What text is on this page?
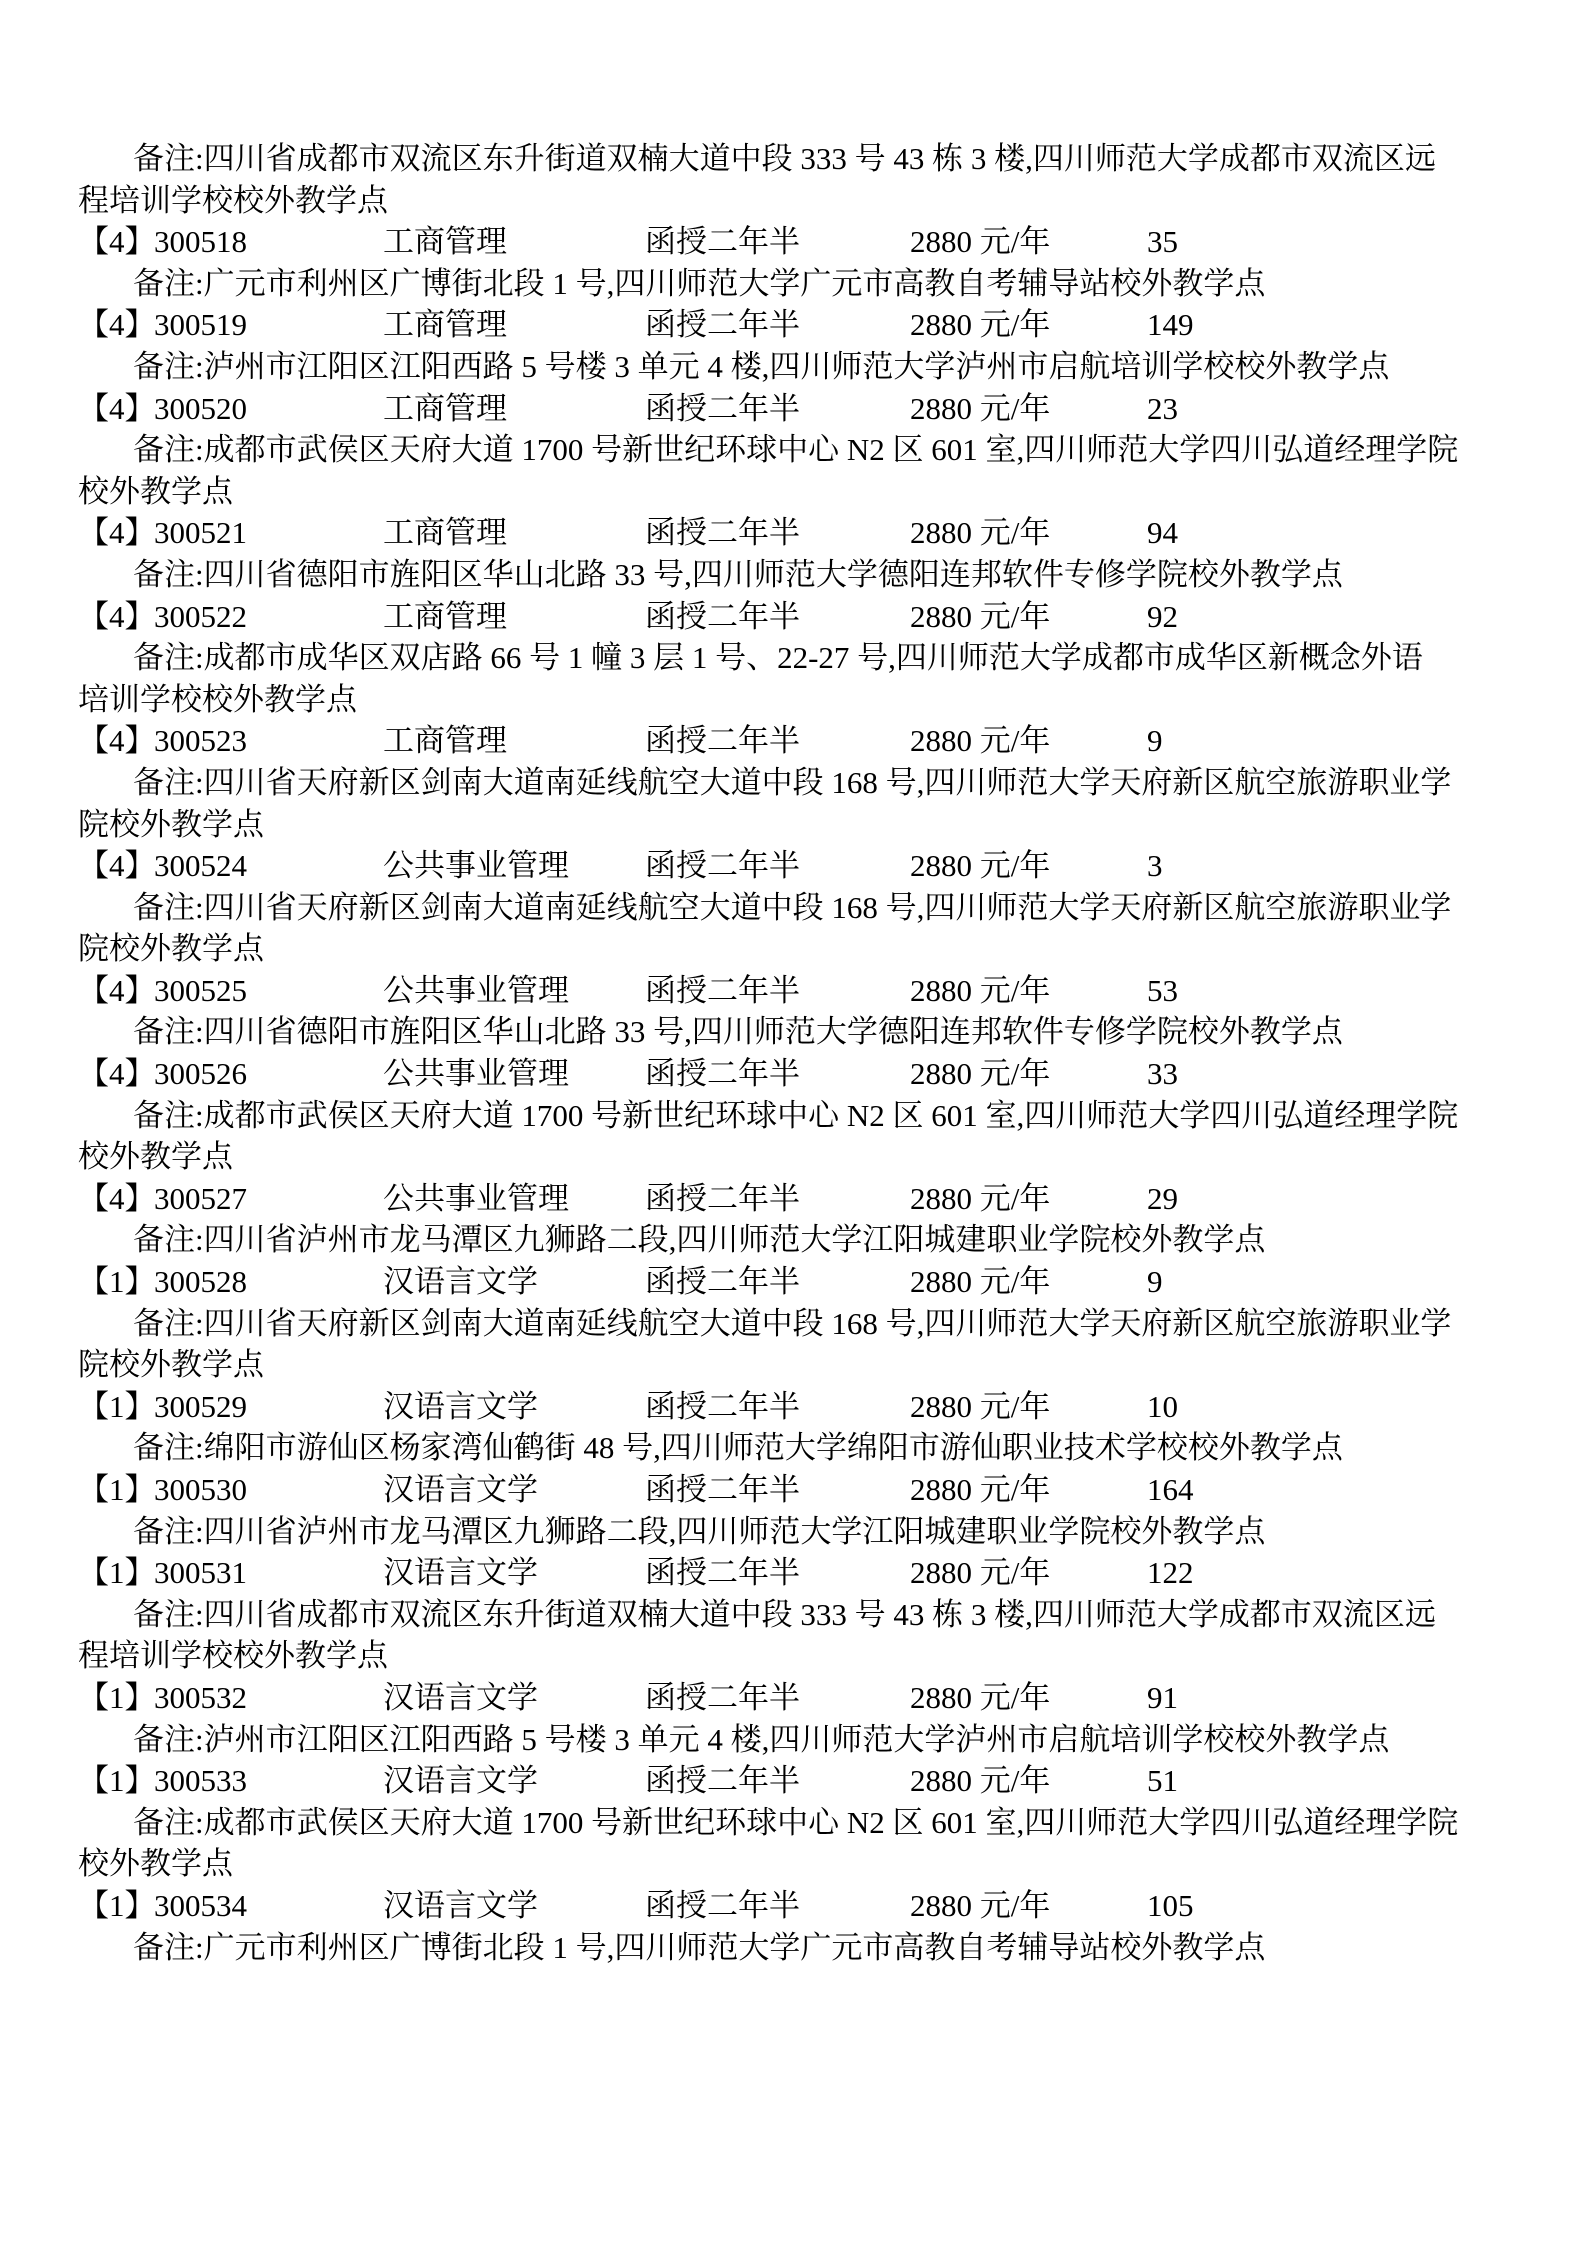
备注:四川省成都市双流区东升街道双楠大道中段 333 号 43 栋 3 楼,四川师范大学成都市双流区远
程培训学校校外教学点
【4】
300518	工商管理	函授二年半	2880 元/年	35
备注:广元市利州区广博街北段 1 号,四川师范大学广元市高教自考辅导站校外教学点
【4】
300519	工商管理	函授二年半	2880 元/年	149
备注:泸州市江阳区江阳西路 5 号楼 3 单元 4 楼,四川师范大学泸州市启航培训学校校外教学点
【4】
300520	工商管理	函授二年半	2880 元/年	23
备注:成都市武侯区天府大道 1700 号新世纪环球中心 N2 区 601 室,四川师范大学四川弘道经理学院
校外教学点
【4】
300521	工商管理	函授二年半	2880 元/年	94
备注:四川省德阳市旌阳区华山北路 33 号,四川师范大学德阳连邦软件专修学院校外教学点
【4】
300522	工商管理	函授二年半	2880 元/年	92
备注:成都市成华区双店路 66 号 1 幢 3 层 1 号、22-27 号,四川师范大学成都市成华区新概念外语
培训学校校外教学点
【4】
300523	工商管理	函授二年半	2880 元/年	9
备注:四川省天府新区剑南大道南延线航空大道中段 168 号,四川师范大学天府新区航空旅游职业学
院校外教学点
【4】
300524	公共事业管理 函授二年半	2880 元/年	3
备注:四川省天府新区剑南大道南延线航空大道中段 168 号,四川师范大学天府新区航空旅游职业学
院校外教学点
【4】
300525	公共事业管理 函授二年半	2880 元/年	53
备注:四川省德阳市旌阳区华山北路 33 号,四川师范大学德阳连邦软件专修学院校外教学点
【4】
300526	公共事业管理 函授二年半	2880 元/年	33
备注:成都市武侯区天府大道 1700 号新世纪环球中心 N2 区 601 室,四川师范大学四川弘道经理学院
校外教学点
【4】
300527	公共事业管理 函授二年半	2880 元/年	29
备注:四川省泸州市龙马潭区九狮路二段,四川师范大学江阳城建职业学院校外教学点
【1】
300528	汉语言文学	函授二年半	2880 元/年	9
备注:四川省天府新区剑南大道南延线航空大道中段 168 号,四川师范大学天府新区航空旅游职业学
院校外教学点
【1】
300529	汉语言文学	函授二年半	2880 元/年	10
备注:绵阳市游仙区杨家湾仙鹤街 48 号,四川师范大学绵阳市游仙职业技术学校校外教学点
【1】
300530	汉语言文学	函授二年半	2880 元/年	164
备注:四川省泸州市龙马潭区九狮路二段,四川师范大学江阳城建职业学院校外教学点
【1】
300531	汉语言文学	函授二年半	2880 元/年	122
备注:四川省成都市双流区东升街道双楠大道中段 333 号 43 栋 3 楼,四川师范大学成都市双流区远
程培训学校校外教学点
【1】
300532	汉语言文学	函授二年半	2880 元/年	91
备注:泸州市江阳区江阳西路 5 号楼 3 单元 4 楼,四川师范大学泸州市启航培训学校校外教学点
【1】
300533	汉语言文学	函授二年半	2880 元/年	51
备注:成都市武侯区天府大道 1700 号新世纪环球中心 N2 区 601 室,四川师范大学四川弘道经理学院
校外教学点
【1】
300534	汉语言文学	函授二年半	2880 元/年	105
备注:广元市利州区广博街北段 1 号,四川师范大学广元市高教自考辅导站校外教学点
